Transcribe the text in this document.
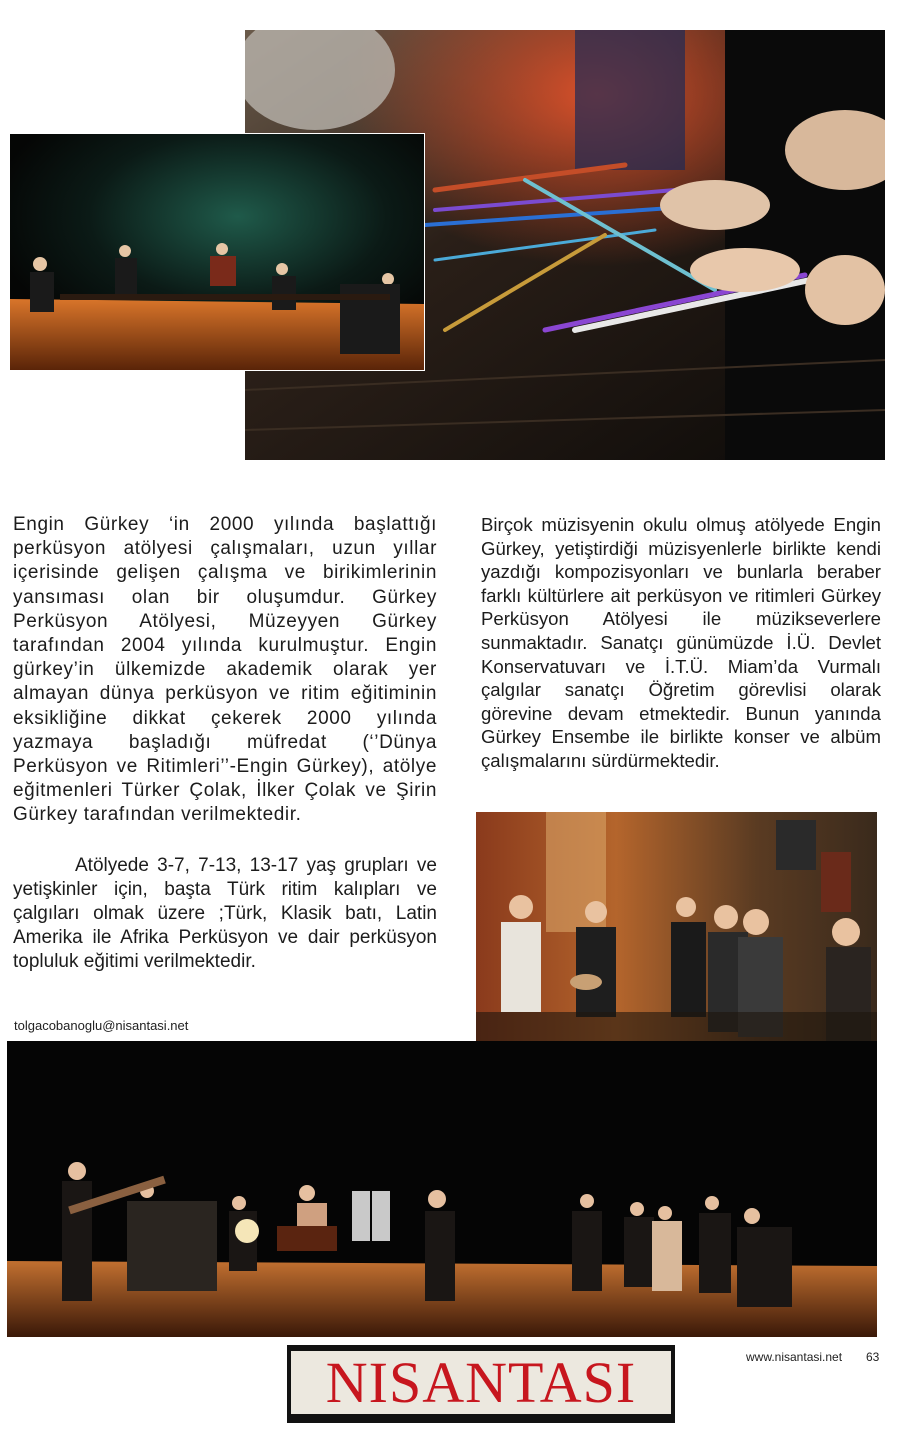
Engin Gürkey ‘in 2000 yılında başlattığı perküsyon atölyesi çalışmaları, uzun yıllar içerisinde gelişen çalışma ve birikimlerinin yansıması olan bir oluşumdur. Gürkey Perküsyon Atölyesi, Müzeyyen Gürkey tarafından 2004 yılında kurulmuştur. Engin gürkey’in ülkemizde akademik olarak yer almayan dünya perküsyon ve ritim eğitiminin eksikliğine dikkat çekerek 2000 yılında yazmaya başladığı müfredat (‘’Dünya Perküsyon ve Ritimleri’’-Engin Gürkey), atölye eğitmenleri Türker Çolak, İlker Çolak ve Şirin Gürkey tarafından verilmektedir.
Atölyede 3-7, 7-13, 13-17 yaş grupları ve yetişkinler için, başta Türk ritim kalıpları ve çalgıları olmak üzere ;Türk, Klasik batı, Latin Amerika ile Afrika Perküsyon ve dair perküsyon topluluk eğitimi verilmektedir.
Birçok müzisyenin okulu olmuş atölyede Engin Gürkey, yetiştirdiği müzisyenlerle birlikte kendi yazdığı kompozisyonları ve bunlarla beraber farklı kültürlere ait perküsyon ve ritimleri Gürkey Perküsyon Atölyesi ile müzikseverlere sunmaktadır. Sanatçı günümüzde İ.Ü. Devlet Konservatuvarı ve İ.T.Ü. Miam’da Vurmalı çalgılar sanatçı Öğretim görevlisi olarak görevine devam etmektedir. Bunun yanında Gürkey Ensembe ile birlikte konser ve albüm çalışmalarını sürdürmektedir.
tolgacobanoglu@nisantasi.net
NISANTASI	www.nisantasi.net 63
